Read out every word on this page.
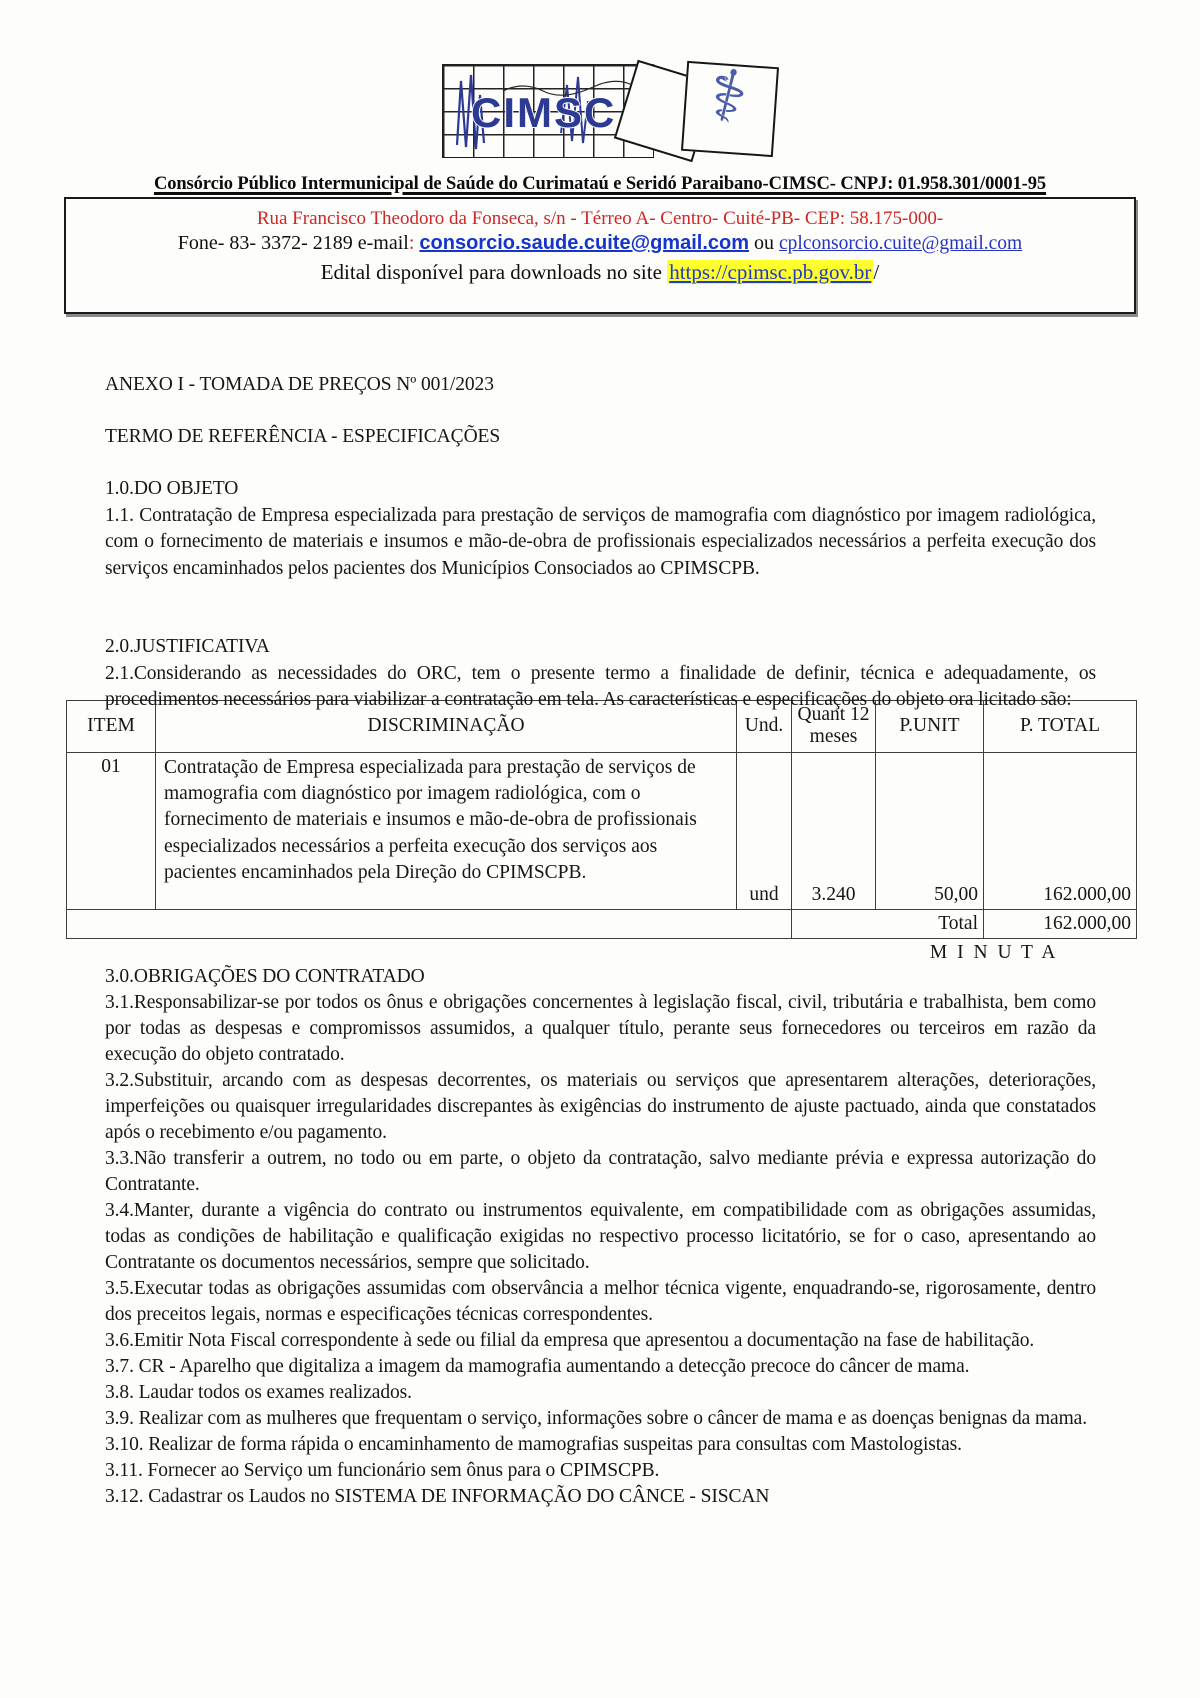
CIMSC ⚕
Consórcio Público Intermunicipal de Saúde do Curimataú e Seridó Paraibano-CIMSC- CNPJ: 01.958.301/0001-95
Rua Francisco Theodoro da Fonseca, s/n - Térreo A- Centro- Cuité-PB- CEP: 58.175-000-
Fone- 83- 3372- 2189 e-mail: consorcio.saude.cuite@gmail.com ou cplconsorcio.cuite@gmail.com
Edital disponível para downloads no site https://cpimsc.pb.gov.br/

ANEXO I - TOMADA DE PREÇOS Nº 001/2023

TERMO DE REFERÊNCIA - ESPECIFICAÇÕES

1.0.DO OBJETO

1.1. Contratação de Empresa especializada para prestação de serviços de mamografia com diagnóstico por imagem radiológica, com o fornecimento de materiais e insumos e mão-de-obra de profissionais especializados necessários a perfeita execução dos serviços encaminhados pelos pacientes dos Municípios Consociados ao CPIMSCPB.

2.0.JUSTIFICATIVA

2.1.Considerando as necessidades do ORC, tem o presente termo a finalidade de definir, técnica e adequadamente, os procedimentos necessários para viabilizar a contratação em tela. As características e especificações do objeto ora licitado são:

ITEM	DISCRIMINAÇÃO	Und.	Quant 12 meses	P.UNIT	P. TOTAL
01	Contratação de Empresa especializada para prestação de serviços de mamografia com diagnóstico por imagem radiológica, com o fornecimento de materiais e insumos e mão-de-obra de profissionais especializados necessários a perfeita execução dos serviços aos pacientes encaminhados pela Direção do CPIMSCPB.	und	3.240	50,00	162.000,00
			Total		162.000,00
M I N U T A

3.0.OBRIGAÇÕES DO CONTRATADO

3.1.Responsabilizar-se por todos os ônus e obrigações concernentes à legislação fiscal, civil, tributária e trabalhista, bem como por todas as despesas e compromissos assumidos, a qualquer título, perante seus fornecedores ou terceiros em razão da execução do objeto contratado.

3.2.Substituir, arcando com as despesas decorrentes, os materiais ou serviços que apresentarem alterações, deteriorações, imperfeições ou quaisquer irregularidades discrepantes às exigências do instrumento de ajuste pactuado, ainda que constatados após o recebimento e/ou pagamento.

3.3.Não transferir a outrem, no todo ou em parte, o objeto da contratação, salvo mediante prévia e expressa autorização do Contratante.

3.4.Manter, durante a vigência do contrato ou instrumentos equivalente, em compatibilidade com as obrigações assumidas, todas as condições de habilitação e qualificação exigidas no respectivo processo licitatório, se for o caso, apresentando ao Contratante os documentos necessários, sempre que solicitado.

3.5.Executar todas as obrigações assumidas com observância a melhor técnica vigente, enquadrando-se, rigorosamente, dentro dos preceitos legais, normas e especificações técnicas correspondentes.

3.6.Emitir Nota Fiscal correspondente à sede ou filial da empresa que apresentou a documentação na fase de habilitação.

3.7. CR - Aparelho que digitaliza a imagem da mamografia aumentando a detecção precoce do câncer de mama.

3.8. Laudar todos os exames realizados.

3.9. Realizar com as mulheres que frequentam o serviço, informações sobre o câncer de mama e as doenças benignas da mama.

3.10. Realizar de forma rápida o encaminhamento de mamografias suspeitas para consultas com Mastologistas.

3.11. Fornecer ao Serviço um funcionário sem ônus para o CPIMSCPB.

3.12. Cadastrar os Laudos no SISTEMA DE INFORMAÇÃO DO CÂNCE - SISCAN
